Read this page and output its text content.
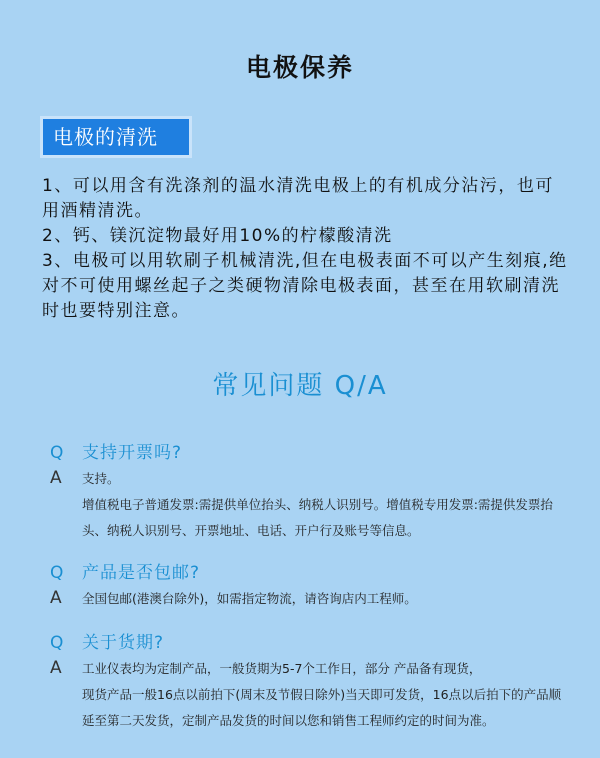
电极保养
电极的清洗

1、可以用含有洗涤剂的温水清洗电极上的有机成分沾污，也可用酒精清洗。

2、钙、镁沉淀物最好用10%的柠檬酸清洗

3、电极可以用软刷子机械清洗,但在电极表面不可以产生刻痕,绝对不可使用螺丝起子之类硬物清除电极表面，甚至在用软刷清洗时也要特别注意。

常见问题 Q/A
Q	支持开票吗?
A	支持。

增值税电子普通发票:需提供单位抬头、纳税人识别号。增值税专用发票:需提供发票抬头、纳税人识别号、开票地址、电话、开户行及账号等信息。

Q	产品是否包邮?
A	全国包邮(港澳台除外)，如需指定物流，请咨询店内工程师。

Q	关于货期?
A	工业仪表均为定制产品，一般货期为5-7个工作日，部分 产品备有现货，

现货产品一般16点以前拍下(周末及节假日除外)当天即可发货，16点以后拍下的产品顺延至第二天发货，定制产品发货的时间以您和销售工程师约定的时间为准。
